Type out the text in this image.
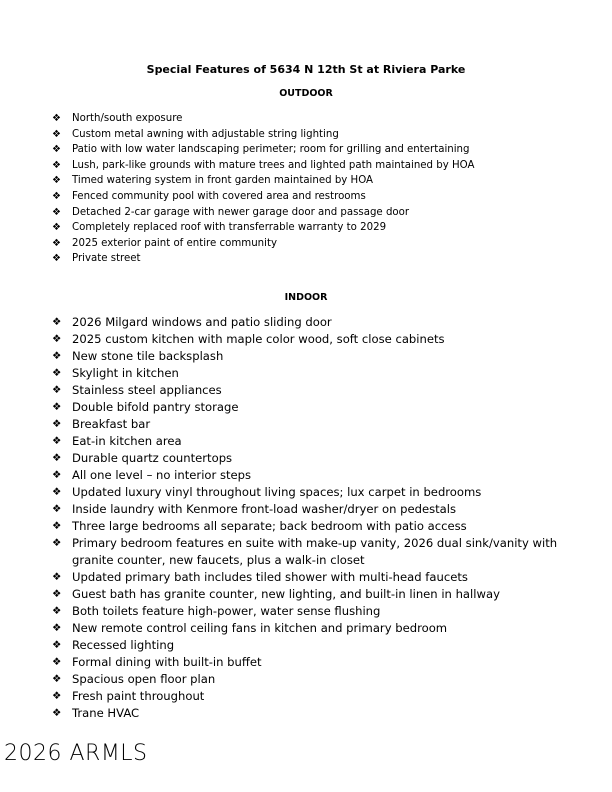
Special Features of 5634 N 12th St at Riviera Parke
OUTDOOR
❖	North/south exposure
❖	Custom metal awning with adjustable string lighting
❖	Patio with low water landscaping perimeter; room for grilling and entertaining
❖	Lush, park-like grounds with mature trees and lighted path maintained by HOA
❖	Timed watering system in front garden maintained by HOA
❖	Fenced community pool with covered area and restrooms
❖	Detached 2-car garage with newer garage door and passage door
❖	Completely replaced roof with transferrable warranty to 2029
❖	2025 exterior paint of entire community
❖	Private street
INDOOR
❖ 2026 Milgard windows and patio sliding door
❖ 2025 custom kitchen with maple color wood, soft close cabinets
❖ New stone tile backsplash
❖ Skylight in kitchen
❖ Stainless steel appliances
❖ Double bifold pantry storage
❖ Breakfast bar
❖ Eat-in kitchen area
❖ Durable quartz countertops
❖ All one level – no interior steps
❖ Updated luxury vinyl throughout living spaces; lux carpet in bedrooms
❖ Inside laundry with Kenmore front-load washer/dryer on pedestals
❖ Three large bedrooms all separate; back bedroom with patio access
❖ Primary bedroom features en suite with make-up vanity, 2026 dual sink/vanity with granite counter, new faucets, plus a walk-in closet
❖ Updated primary bath includes tiled shower with multi-head faucets
❖ Guest bath has granite counter, new lighting, and built-in linen in hallway
❖ Both toilets feature high-power, water sense flushing
❖ New remote control ceiling fans in kitchen and primary bedroom
❖ Recessed lighting
❖ Formal dining with built-in buffet
❖ Spacious open floor plan
❖ Fresh paint throughout
❖ Trane HVAC
2026 ARMLS
